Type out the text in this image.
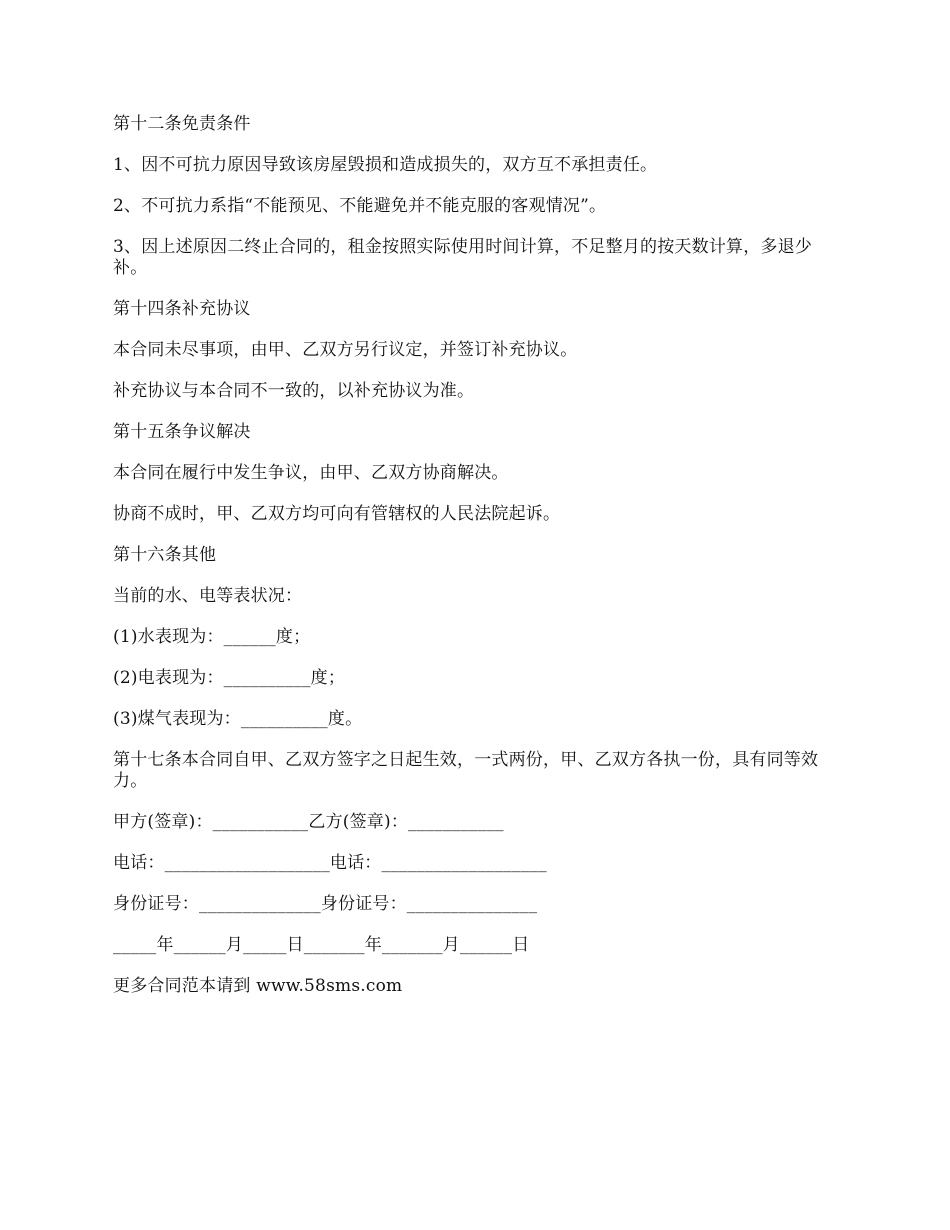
第十二条免责条件

1、因不可抗力原因导致该房屋毁损和造成损失的，双方互不承担责任。

2、不可抗力系指“不能预见、不能避免并不能克服的客观情况”。

3、因上述原因二终止合同的，租金按照实际使用时间计算，不足整月的按天数计算，多退少补。

第十四条补充协议

本合同未尽事项，由甲、乙双方另行议定，并签订补充协议。

补充协议与本合同不一致的，以补充协议为准。

第十五条争议解决

本合同在履行中发生争议，由甲、乙双方协商解决。

协商不成时，甲、乙双方均可向有管辖权的人民法院起诉。

第十六条其他

当前的水、电等表状况：

(1)水表现为：______度；

(2)电表现为：__________度；

(3)煤气表现为：__________度。

第十七条本合同自甲、乙双方签字之日起生效，一式两份，甲、乙双方各执一份，具有同等效力。

甲方(签章)：___________乙方(签章)：___________

电话：___________________电话：___________________

身份证号：______________身份证号：_______________

_____年______月_____日_______年_______月______日

更多合同范本请到 www.58sms.com
